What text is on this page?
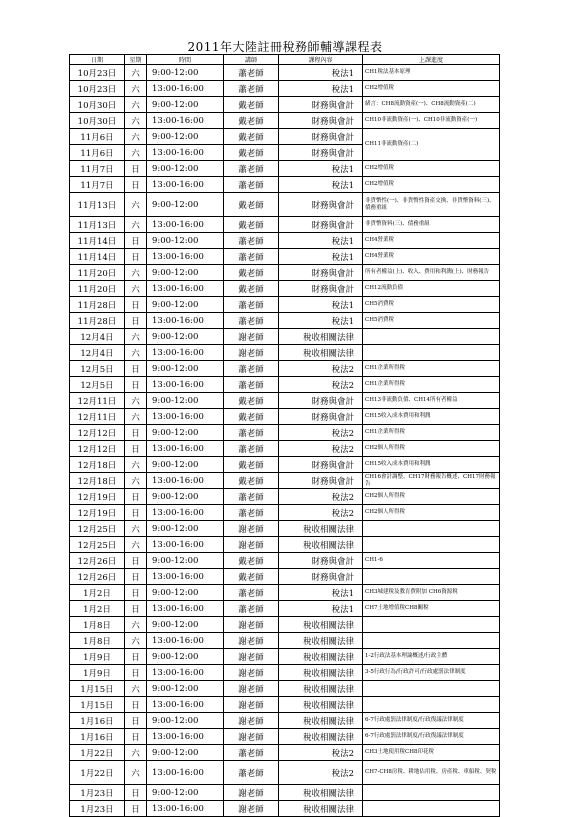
2011年大陸註冊稅務師輔導課程表
日期	星期	時間	講師	課程內容	上課進度
10月23日	六	9:00-12:00	蕭老師	稅法1	CH1稅法基本原理
10月23日	六	13:00-16:00	蕭老師	稅法1	CH2增值稅
10月30日	六	9:00-12:00	戴老師	財務與會計	緒言：CH8流動資產(一)、CH8流動資產(二)
10月30日	六	13:00-16:00	戴老師	財務與會計	CH10非流動資產(一)、CH10非流動資產(一)
11月6日	六	9:00-12:00	戴老師	財務與會計	CH11非流動資產(二)
11月6日	六	13:00-16:00	戴老師	財務與會計	
11月7日	日	9:00-12:00	蕭老師	稅法1	CH2增值稅
11月7日	日	13:00-16:00	蕭老師	稅法1	CH2增值稅
11月13日	六	9:00-12:00	戴老師	財務與會計	非貨幣性(一)、非貨幣性資產交換、非貨幣資料(三)、債務重組
11月13日	六	13:00-16:00	戴老師	財務與會計	非貨幣資料(三)、債務重組
11月14日	日	9:00-12:00	蕭老師	稅法1	CH4營業稅
11月14日	日	13:00-16:00	蕭老師	稅法1	CH4營業稅
11月20日	六	9:00-12:00	戴老師	財務與會計	所有者權益(上)、收入、費用和利潤(上)、財務報告
11月20日	六	13:00-16:00	戴老師	財務與會計	CH12流動負債
11月28日	日	9:00-12:00	蕭老師	稅法1	CH5消費稅
11月28日	日	13:00-16:00	蕭老師	稅法1	CH5消費稅
12月4日	六	9:00-12:00	謝老師	稅收相關法律	
12月4日	六	13:00-16:00	謝老師	稅收相關法律	
12月5日	日	9:00-12:00	蕭老師	稅法2	CH1企業所得稅
12月5日	日	13:00-16:00	蕭老師	稅法2	CH1企業所得稅
12月11日	六	9:00-12:00	戴老師	財務與會計	CH13非流動負債、CH14所有者權益
12月11日	六	13:00-16:00	戴老師	財務與會計	CH15收入成本費用和利潤
12月12日	日	9:00-12:00	蕭老師	稅法2	CH1企業所得稅
12月12日	日	13:00-16:00	蕭老師	稅法2	CH2個人所得稅
12月18日	六	9:00-12:00	戴老師	財務與會計	CH15收入成本費用和利潤
12月18日	六	13:00-16:00	戴老師	財務與會計	CH16會計調整、CH17財務報告概述、CH17財務報告
12月19日	日	9:00-12:00	蕭老師	稅法2	CH2個人所得稅
12月19日	日	13:00-16:00	蕭老師	稅法2	CH2個人所得稅
12月25日	六	9:00-12:00	謝老師	稅收相關法律	
12月25日	六	13:00-16:00	謝老師	稅收相關法律	
12月26日	日	9:00-12:00	戴老師	財務與會計	CH1-6
12月26日	日	13:00-16:00	戴老師	財務與會計	
1月2日	日	9:00-12:00	蕭老師	稅法1	CH3城建稅及教育費附加 CH6資源稅
1月2日	日	13:00-16:00	蕭老師	稅法1	CH7土地增值稅CH8關稅
1月8日	六	9:00-12:00	謝老師	稅收相關法律	
1月8日	六	13:00-16:00	謝老師	稅收相關法律	
1月9日	日	9:00-12:00	謝老師	稅收相關法律	1-2行政法基本理論概述/行政主體
1月9日	日	13:00-16:00	謝老師	稅收相關法律	3-5行政行為/行政許可/行政處罰法律制度
1月15日	六	9:00-12:00	謝老師	稅收相關法律	
1月15日	日	13:00-16:00	謝老師	稅收相關法律	
1月16日	日	9:00-12:00	謝老師	稅收相關法律	6-7行政處罰法律制度/行政復議法律制度
1月16日	日	13:00-16:00	謝老師	稅收相關法律	6-7行政處罰法律制度/行政復議法律制度
1月22日	六	9:00-12:00	蕭老師	稅法2	CH3土地使用稅CH8印花稅
1月22日	六	13:00-16:00	蕭老師	稅法2	CH7-CH8房稅、耕地佔用稅、房產稅、車船稅、契稅
1月23日	日	9:00-12:00	謝老師	稅收相關法律	
1月23日	日	13:00-16:00	謝老師	稅收相關法律	
